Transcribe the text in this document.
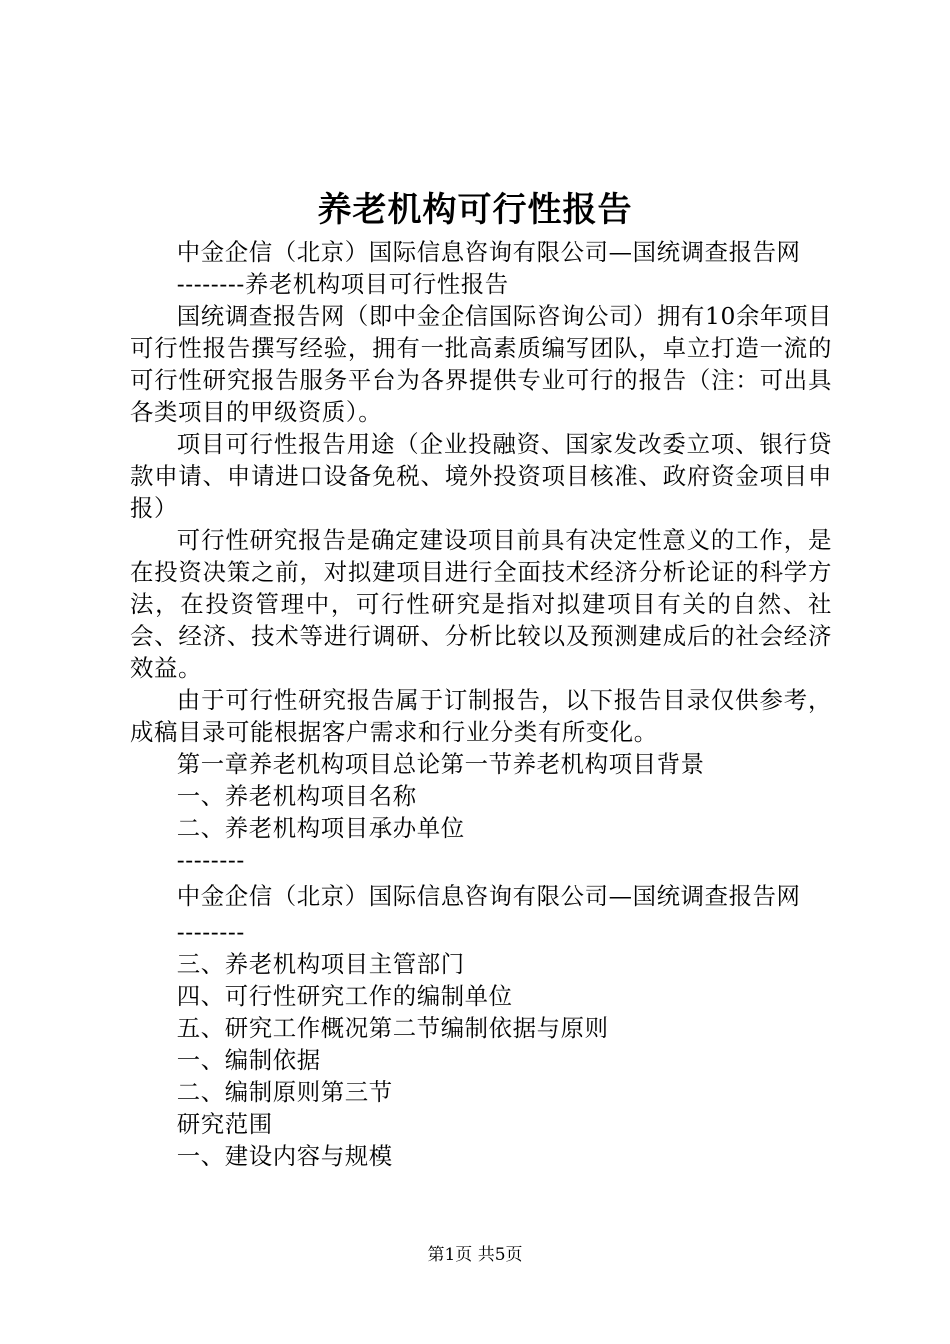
养老机构可行性报告

中金企信（北京）国际信息咨询有限公司—国统调查报告网

--------养老机构项目可行性报告

国统调查报告网（即中金企信国际咨询公司）拥有10余年项目可行性报告撰写经验，拥有一批高素质编写团队，卓立打造一流的可行性研究报告服务平台为各界提供专业可行的报告（注：可出具各类项目的甲级资质）。

项目可行性报告用途（企业投融资、国家发改委立项、银行贷款申请、申请进口设备免税、境外投资项目核准、政府资金项目申报）

可行性研究报告是确定建设项目前具有决定性意义的工作，是在投资决策之前，对拟建项目进行全面技术经济分析论证的科学方法，在投资管理中，可行性研究是指对拟建项目有关的自然、社会、经济、技术等进行调研、分析比较以及预测建成后的社会经济效益。

由于可行性研究报告属于订制报告，以下报告目录仅供参考，成稿目录可能根据客户需求和行业分类有所变化。

第一章养老机构项目总论第一节养老机构项目背景

一、养老机构项目名称

二、养老机构项目承办单位

--------

中金企信（北京）国际信息咨询有限公司—国统调查报告网

--------

三、养老机构项目主管部门

四、可行性研究工作的编制单位

五、研究工作概况第二节编制依据与原则

一、编制依据

二、编制原则第三节

研究范围

一、建设内容与规模

第1页 共5页
